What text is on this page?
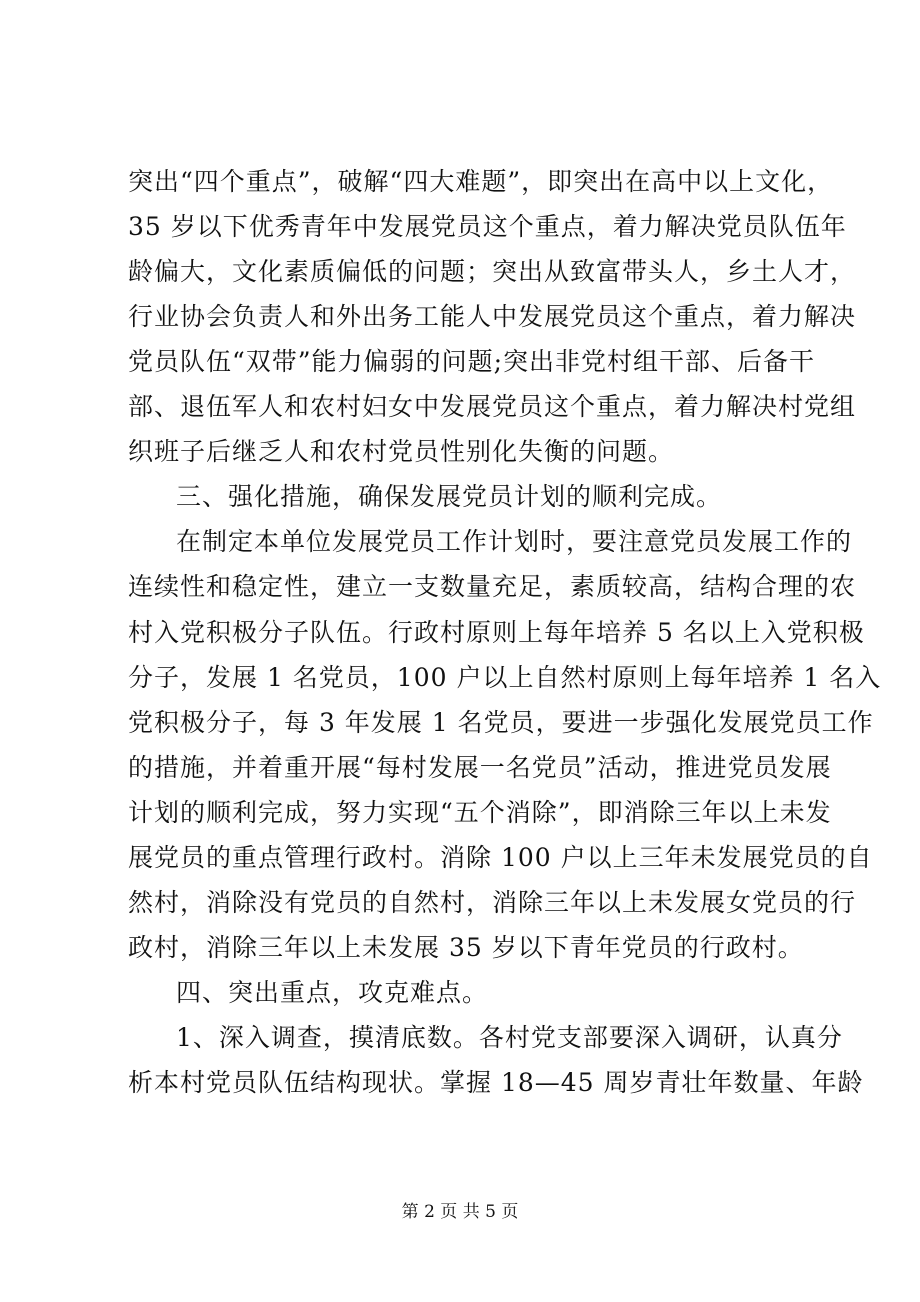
突出“四个重点”，破解“四大难题”，即突出在高中以上文化，
35 岁以下优秀青年中发展党员这个重点，着力解决党员队伍年
龄偏大，文化素质偏低的问题；突出从致富带头人，乡土人才，
行业协会负责人和外出务工能人中发展党员这个重点，着力解决
党员队伍“双带”能力偏弱的问题;突出非党村组干部、后备干
部、退伍军人和农村妇女中发展党员这个重点，着力解决村党组
织班子后继乏人和农村党员性别化失衡的问题。
三、强化措施，确保发展党员计划的顺利完成。
在制定本单位发展党员工作计划时，要注意党员发展工作的
连续性和稳定性，建立一支数量充足，素质较高，结构合理的农
村入党积极分子队伍。行政村原则上每年培养 5 名以上入党积极
分子，发展 1 名党员，100 户以上自然村原则上每年培养 1 名入
党积极分子，每 3 年发展 1 名党员，要进一步强化发展党员工作
的措施，并着重开展“每村发展一名党员”活动，推进党员发展
计划的顺利完成，努力实现“五个消除”，即消除三年以上未发
展党员的重点管理行政村。消除 100 户以上三年未发展党员的自
然村，消除没有党员的自然村，消除三年以上未发展女党员的行
政村，消除三年以上未发展 35 岁以下青年党员的行政村。
四、突出重点，攻克难点。
1、深入调查，摸清底数。各村党支部要深入调研，认真分
析本村党员队伍结构现状。掌握 18—45 周岁青壮年数量、年龄
第 2 页 共 5 页
